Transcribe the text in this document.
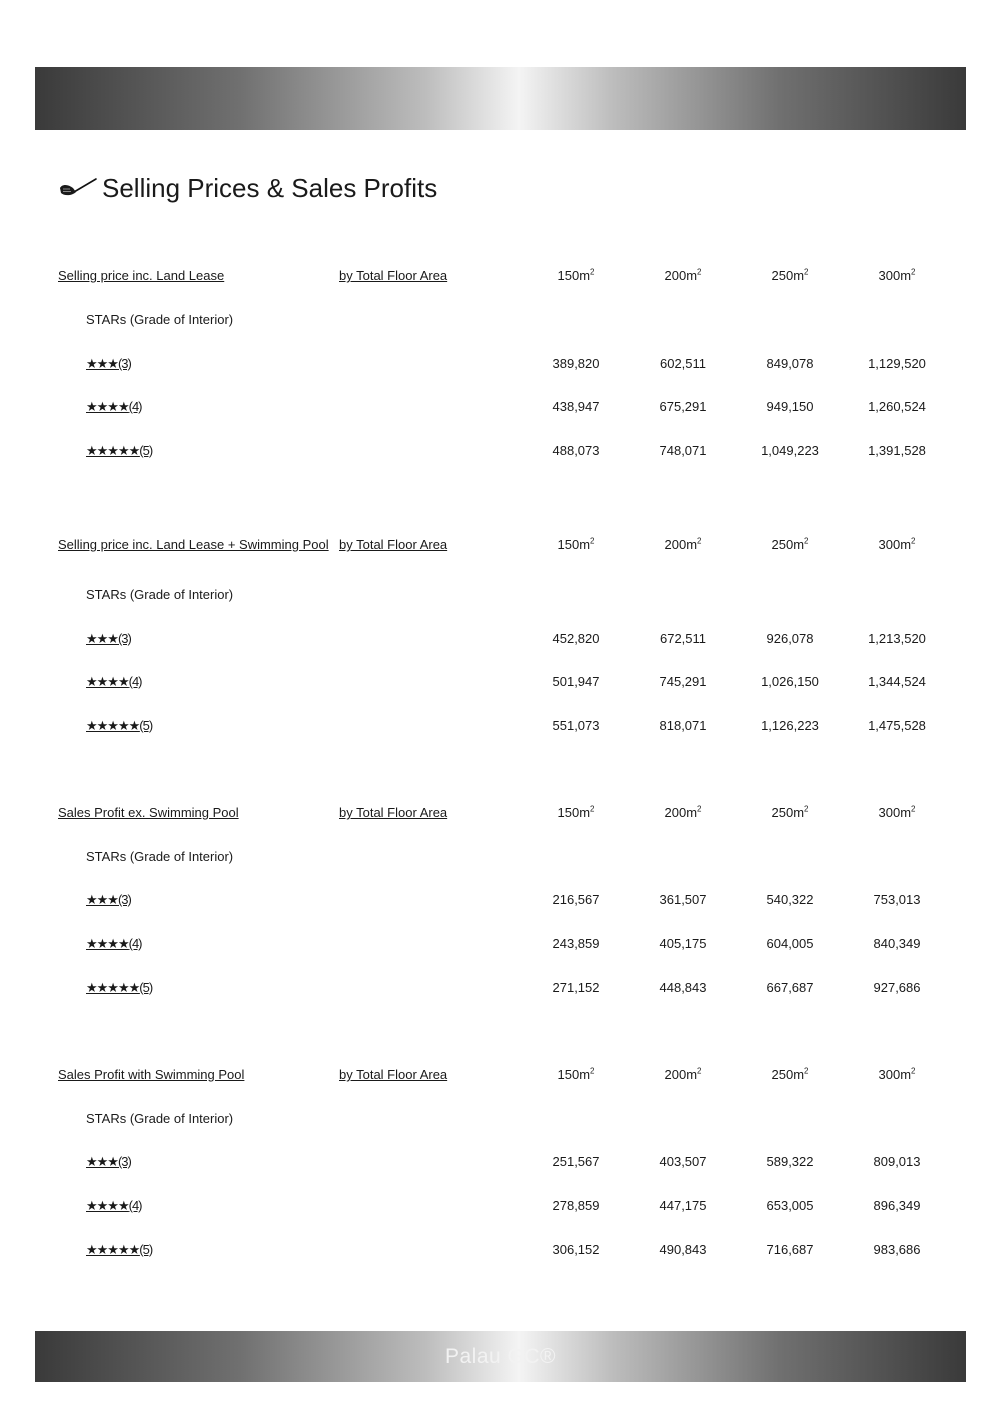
Selling Prices & Sales Profits
Selling price inc. Land Lease	by Total Floor Area	$150m^2$	$200m^2$	$250m^2$	$300m^2$
STARs (Grade of Interior)
★★★(3)	389,820	602,511	849,078	1,129,520
★★★★(4)	438,947	675,291	949,150	1,260,524
★★★★★(5)	488,073	748,071	1,049,223	1,391,528
Selling price inc. Land Lease + Swimming Pool by Total Floor Area	$150m^2$	$200m^2$	$250m^2$	$300m^2$
STARs (Grade of Interior)
★★★(3)	452,820	672,511	926,078	1,213,520
★★★★(4)	501,947	745,291	1,026,150	1,344,524
★★★★★(5)	551,073	818,071	1,126,223	1,475,528
Sales Profit ex. Swimming Pool	by Total Floor Area	$150m^2$	$200m^2$	$250m^2$	$300m^2$
STARs (Grade of Interior)
★★★(3)	216,567	361,507	540,322	753,013
★★★★(4)	243,859	405,175	604,005	840,349
★★★★★(5)	271,152	448,843	667,687	927,686
Sales Profit with Swimming Pool	by Total Floor Area	$150m^2$	$200m^2$	$250m^2$	$300m^2$
STARs (Grade of Interior)
★★★(3)	251,567	403,507	589,322	809,013
★★★★(4)	278,859	447,175	653,005	896,349
★★★★★(5)	306,152	490,843	716,687	983,686
Palau GC®
